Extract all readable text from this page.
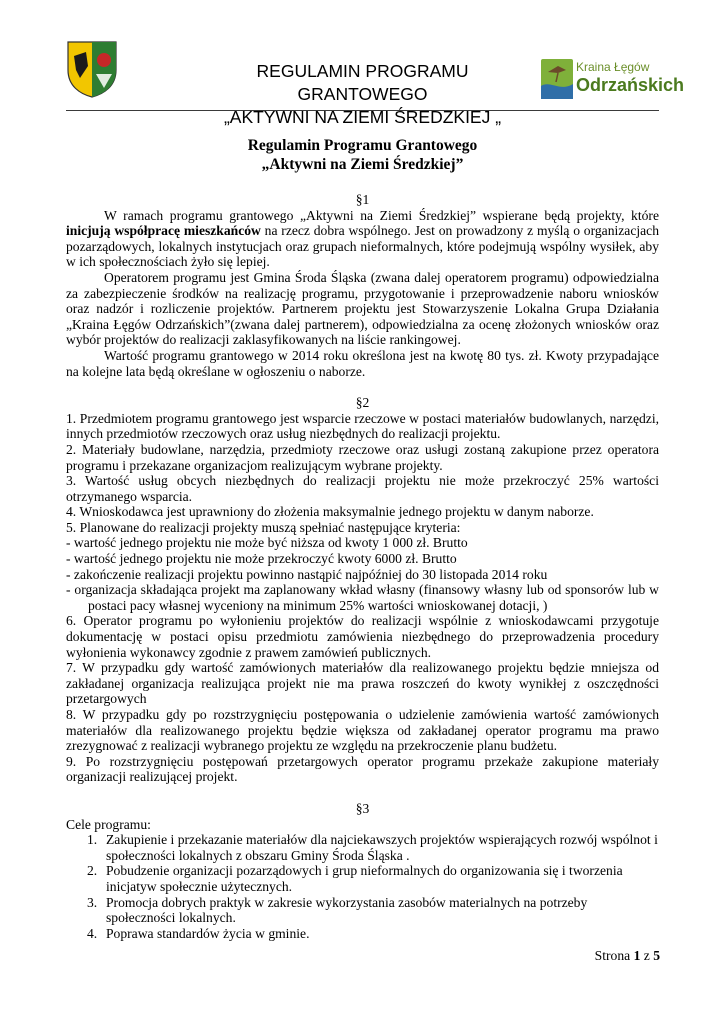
REGULAMIN PROGRAMU GRANTOWEGO
„AKTYWNI NA ZIEMI ŚREDZKIEJ „
Kraina Łęgów
Odrzańskich
Regulamin Programu Grantowego
„Aktywni na Ziemi Średzkiej”
§1

W ramach programu grantowego „Aktywni na Ziemi Średzkiej” wspierane będą projekty, które inicjują współpracę mieszkańców na rzecz dobra wspólnego. Jest on prowadzony z myślą o organizacjach pozarządowych, lokalnych instytucjach oraz grupach nieformalnych, które podejmują wspólny wysiłek, aby w ich społecznościach żyło się lepiej.

Operatorem programu jest Gmina Środa Śląska (zwana dalej operatorem programu) odpowiedzialna za zabezpieczenie środków na realizację programu, przygotowanie i przeprowadzenie naboru wniosków oraz nadzór i rozliczenie projektów. Partnerem projektu jest Stowarzyszenie Lokalna Grupa Działania „Kraina Łęgów Odrzańskich”(zwana dalej partnerem), odpowiedzialna za ocenę złożonych wniosków oraz wybór projektów do realizacji zaklasyfikowanych na liście rankingowej.

Wartość programu grantowego w 2014 roku określona jest na kwotę 80 tys. zł. Kwoty przypadające na kolejne lata będą określane w ogłoszeniu o naborze.

§2

1. Przedmiotem programu grantowego jest wsparcie rzeczowe w postaci materiałów budowlanych, narzędzi, innych przedmiotów rzeczowych oraz usług niezbędnych do realizacji projektu.

2. Materiały budowlane, narzędzia, przedmioty rzeczowe oraz usługi zostaną zakupione przez operatora programu i przekazane organizacjom realizującym wybrane projekty.

3. Wartość usług obcych niezbędnych do realizacji projektu nie może przekroczyć 25% wartości otrzymanego wsparcia.

4. Wnioskodawca jest uprawniony do złożenia maksymalnie jednego projektu w danym naborze.

5. Planowane do realizacji projekty muszą spełniać następujące kryteria:

- wartość jednego projektu nie może być niższa od kwoty 1 000 zł. Brutto

- wartość jednego projektu nie może przekroczyć kwoty 6000 zł. Brutto

- zakończenie realizacji projektu powinno nastąpić najpóźniej do 30 listopada 2014 roku

- organizacja składająca projekt ma zaplanowany wkład własny (finansowy własny lub od sponsorów lub w postaci pacy własnej wyceniony na minimum 25% wartości wnioskowanej dotacji, )

6. Operator programu po wyłonieniu projektów do realizacji wspólnie z wnioskodawcami przygotuje dokumentację w postaci opisu przedmiotu zamówienia niezbędnego do przeprowadzenia procedury wyłonienia wykonawcy zgodnie z prawem zamówień publicznych.

7. W przypadku gdy wartość zamówionych materiałów dla realizowanego projektu będzie mniejsza od zakładanej organizacja realizująca projekt nie ma prawa roszczeń do kwoty wynikłej z oszczędności przetargowych

8. W przypadku gdy po rozstrzygnięciu postępowania o udzielenie zamówienia wartość zamówionych materiałów dla realizowanego projektu będzie większa od zakładanej operator programu ma prawo zrezygnować z realizacji wybranego projektu ze względu na przekroczenie planu budżetu.

9. Po rozstrzygnięciu postępowań przetargowych operator programu przekaże zakupione materiały organizacji realizującej projekt.

§3

Cele programu:

1. Zakupienie i przekazanie materiałów dla najciekawszych projektów wspierających rozwój wspólnot i społeczności lokalnych z obszaru Gminy Środa Śląska .
2. Pobudzenie organizacji pozarządowych i grup nieformalnych do organizowania się i tworzenia inicjatyw społecznie użytecznych.
3. Promocja dobrych praktyk w zakresie wykorzystania zasobów materialnych na potrzeby społeczności lokalnych.
4. Poprawa standardów życia w gminie.
Strona 1 z 5
